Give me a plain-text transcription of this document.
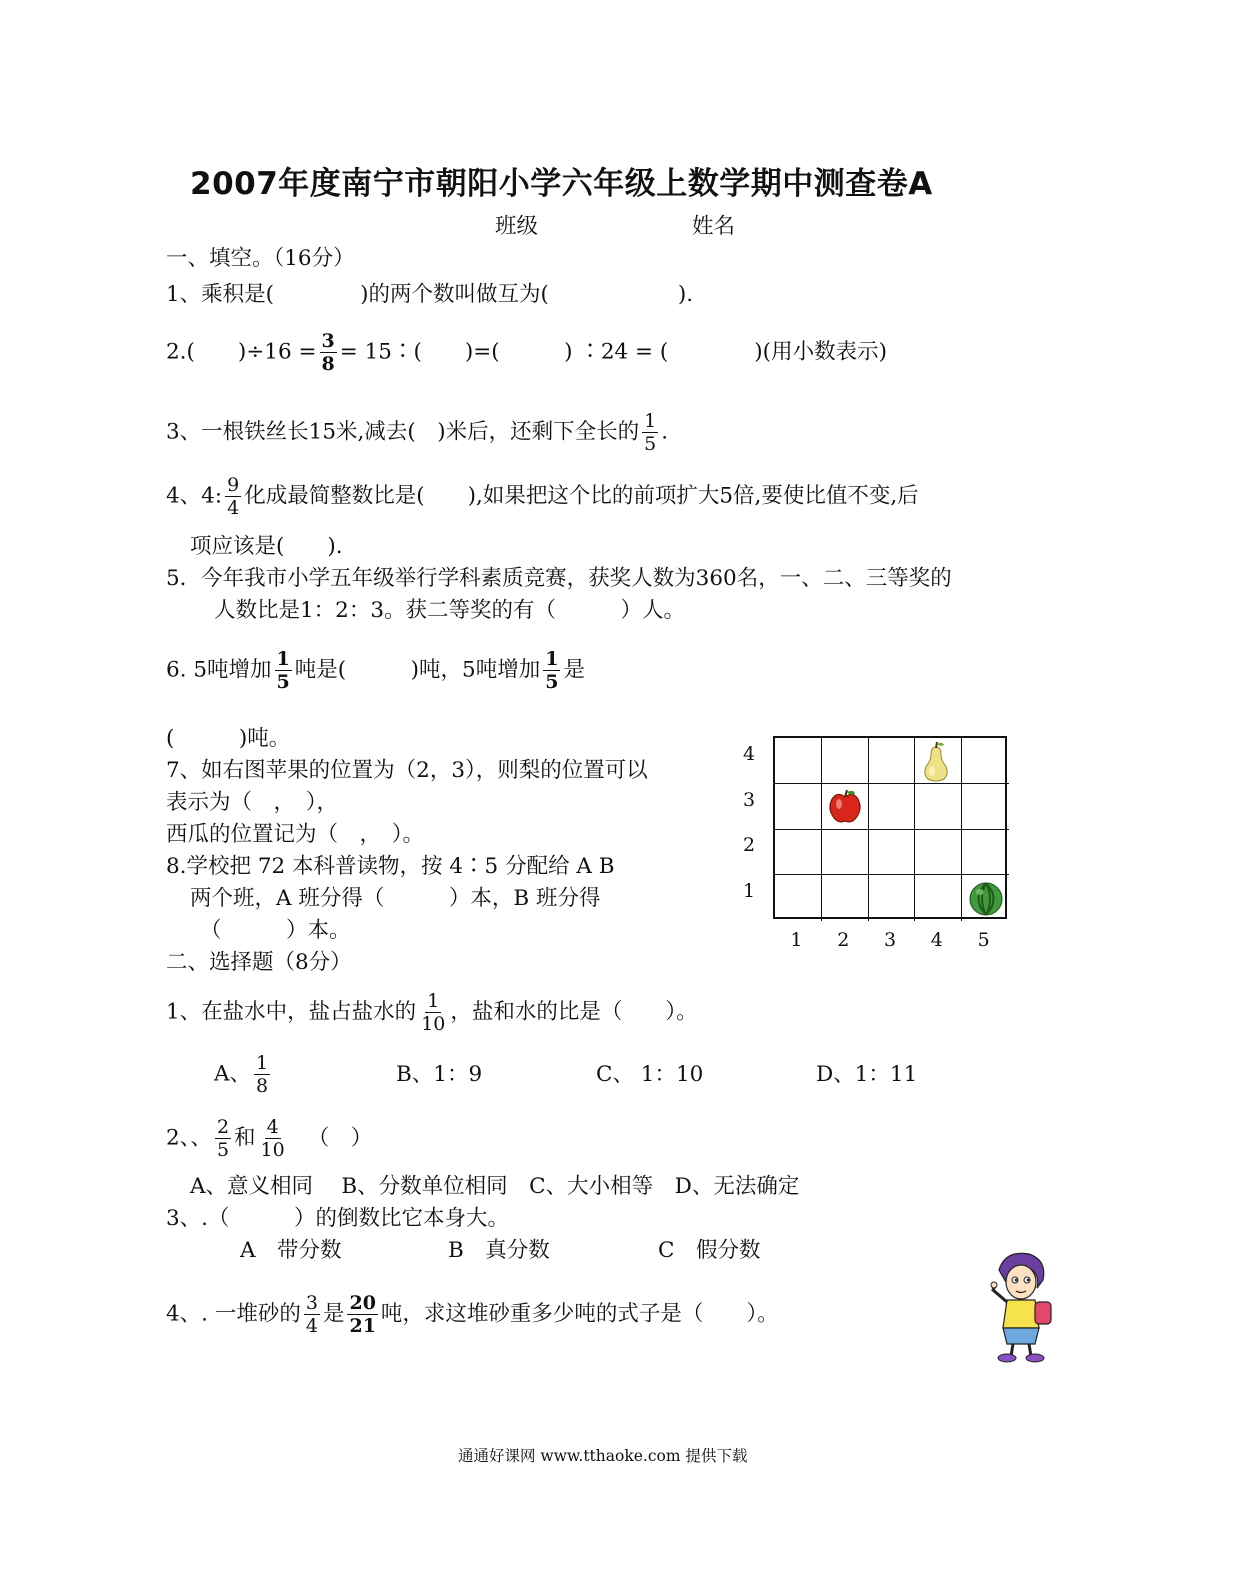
2007年度南宁市朝阳小学六年级上数学期中测查卷A
班级	姓名
一、填空。（16分）
1、乘积是(　　　　)的两个数叫做互为(　　　　　　).
2.(　　)$\div 16 = \frac{3}{8}$ = 15∶(　　)=(　　　) ∶24 = (　　　　)(用小数表示)
3、一根铁丝长15米,减去(　)米后，还剩下全长的 $\frac{1}{5}$ .
4、4: $\frac{9}{4}$ 化成最简整数比是(　　),如果把这个比的前项扩大5倍,要使比值不变,后
项应该是(　　).
5．今年我市小学五年级举行学科素质竞赛，获奖人数为360名，一、二、三等奖的
人数比是1：2：3。获二等奖的有（　　　）人。
6. 5吨增加 $\frac{1}{5}$ 吨是(　　　)吨，5吨增加 $\frac{1}{5}$ 是
(　　　)吨。
7、如右图苹果的位置为（2，3），则梨的位置可以
表示为（　，　），
西瓜的位置记为（　，　）。
8.学校把 72 本科普读物，按 4∶5 分配给 A B
两个班，A 班分得（　　　）本，B 班分得
（　　　）本。	1 2 3 4 5
4
3
2
1
二、选择题（8分）
1、在盐水中，盐占盐水的 $\frac{1}{10}$ ，盐和水的比是（　　）。
A、 $\frac{1}{8}$	B、1：9	C、 1：10	D、1：11
2、、 $\frac{2}{5}$ 和 $\frac{4}{10}$ （　）
A、意义相同　 B、分数单位相同　C、大小相等　D、无法确定
3、.（　　　）的倒数比它本身大。
A　带分数	B　真分数	C　假分数
4、. 一堆砂的 $\frac{3}{4}$ 是 $\frac{20}{21}$ 吨，求这堆砂重多少吨的式子是（　　）。
通通好课网 www.tthaoke.com 提供下载
